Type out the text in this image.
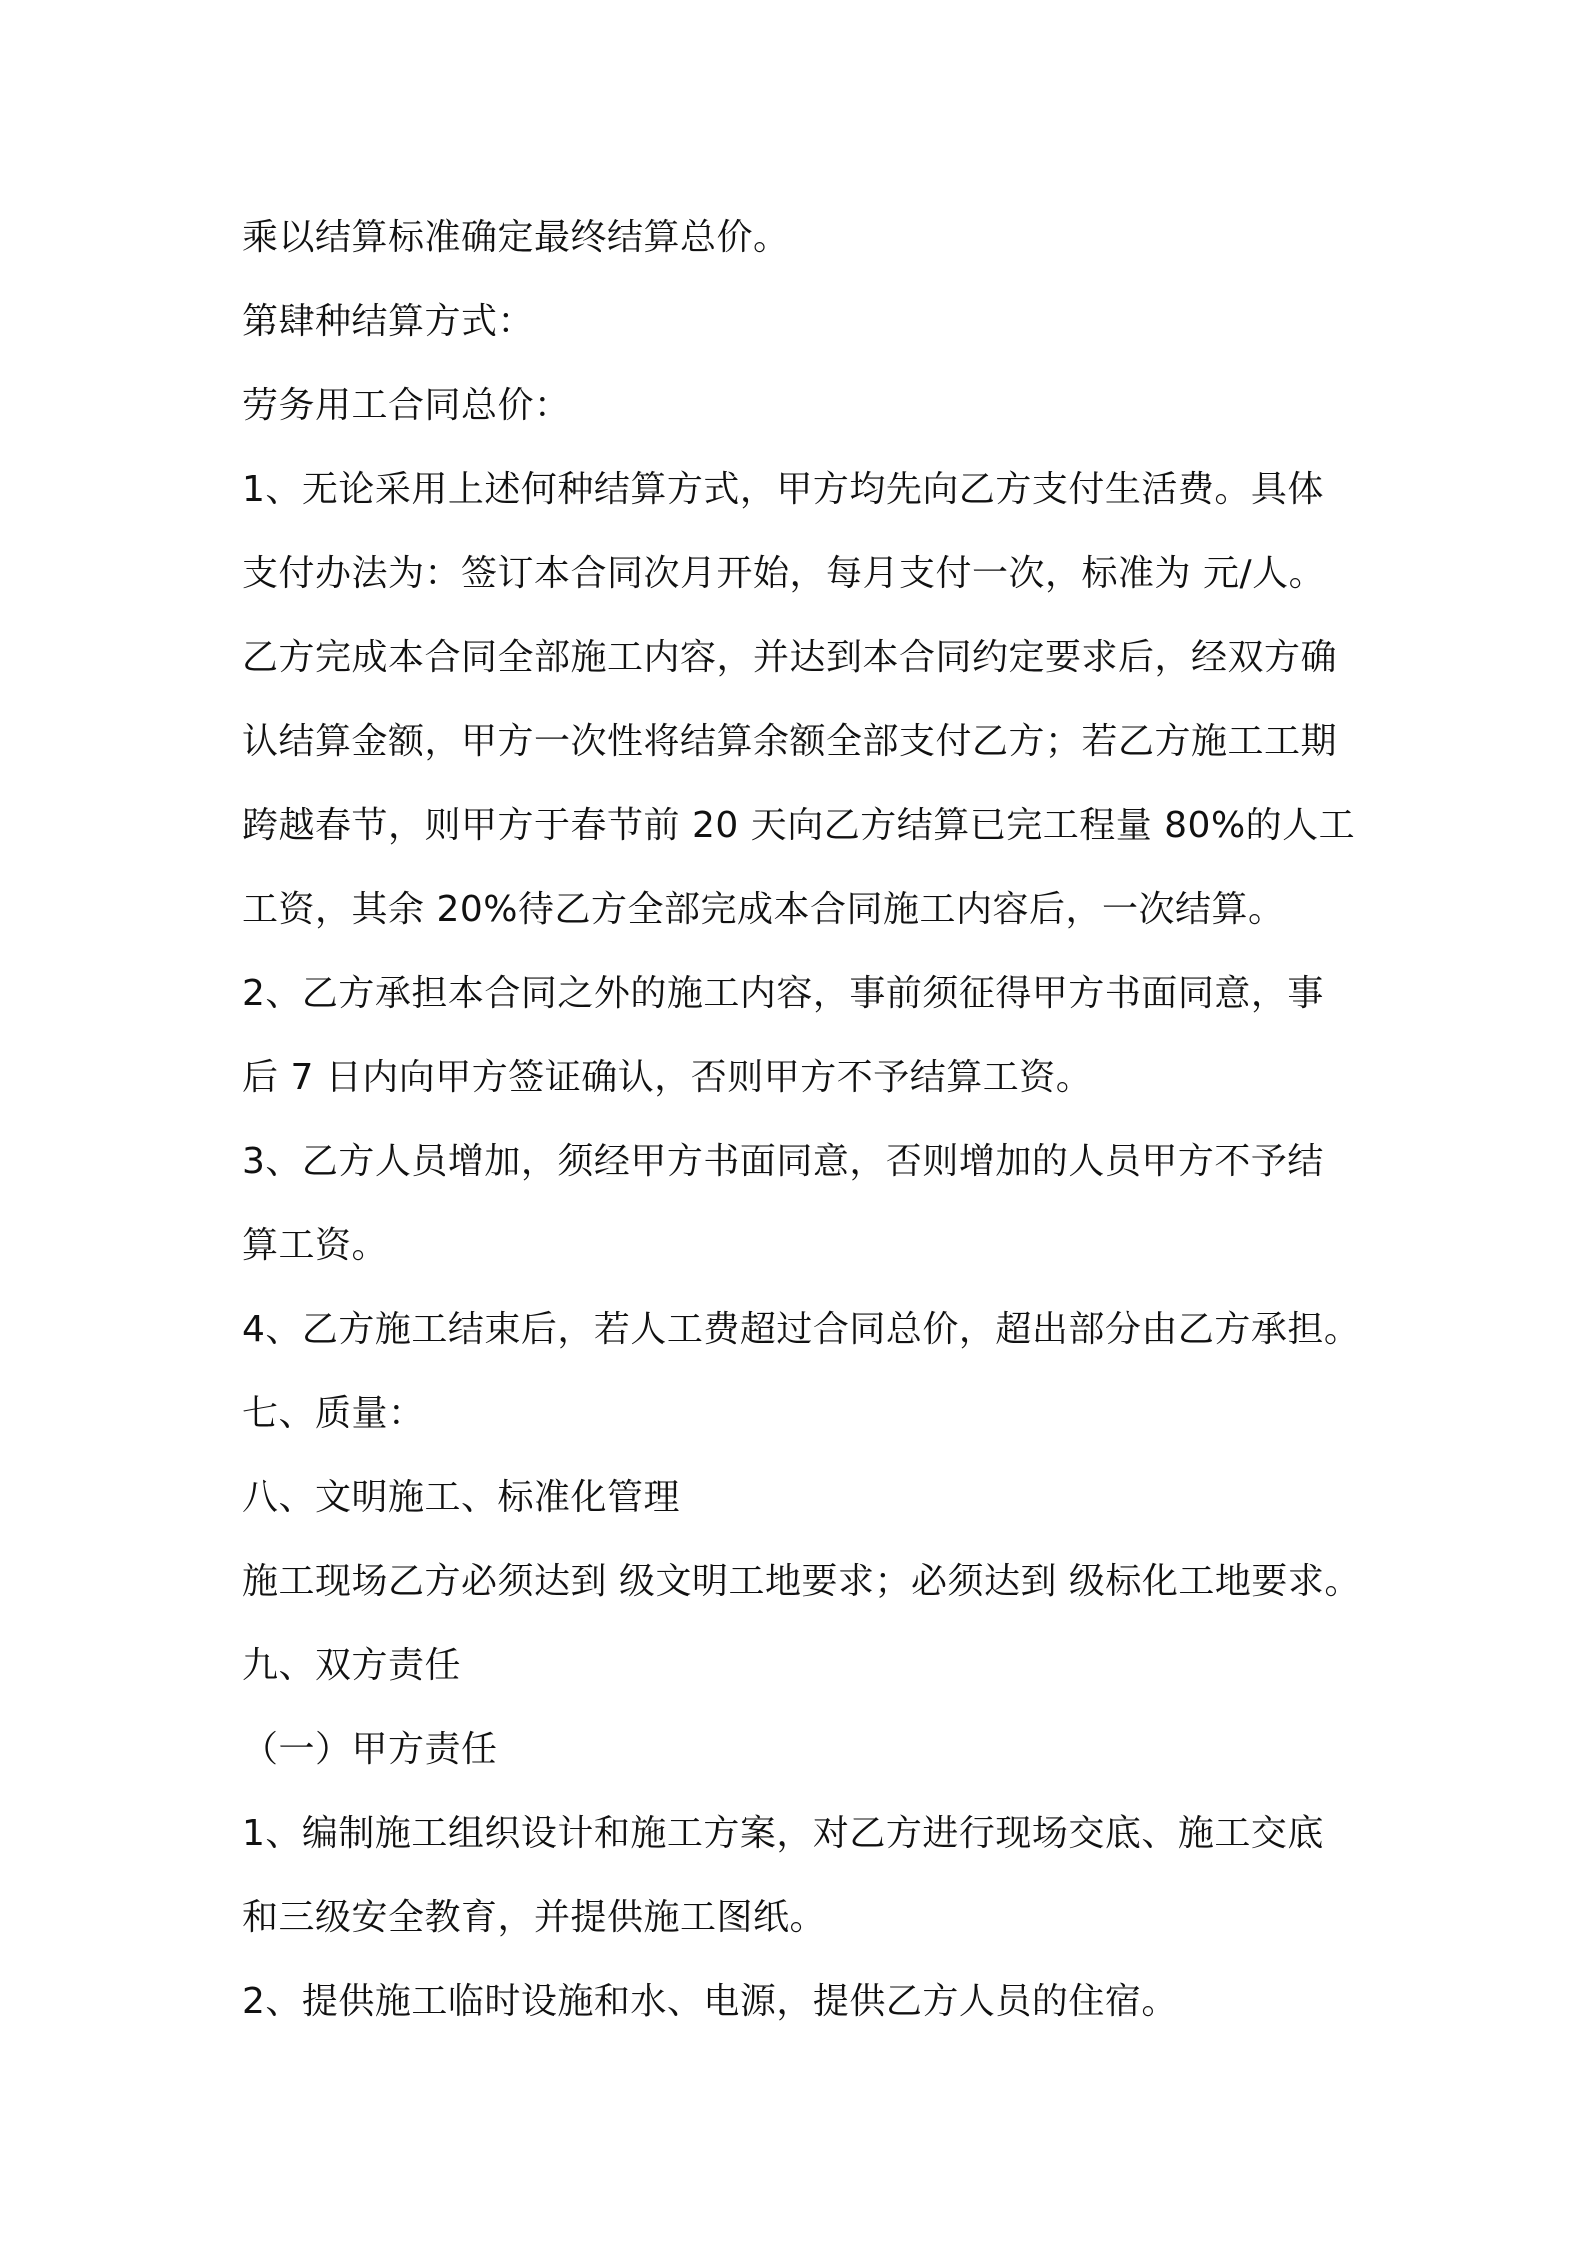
乘以结算标准确定最终结算总价。
第肆种结算方式：
劳务用工合同总价：
1、无论采用上述何种结算方式，甲方均先向乙方支付生活费。具体
支付办法为：签订本合同次月开始，每月支付一次，标准为 元/人。
乙方完成本合同全部施工内容，并达到本合同约定要求后，经双方确
认结算金额，甲方一次性将结算余额全部支付乙方；若乙方施工工期
跨越春节，则甲方于春节前 20 天向乙方结算已完工程量 80%的人工
工资，其余 20%待乙方全部完成本合同施工内容后，一次结算。
2、乙方承担本合同之外的施工内容，事前须征得甲方书面同意，事
后 7 日内向甲方签证确认，否则甲方不予结算工资。
3、乙方人员增加，须经甲方书面同意，否则增加的人员甲方不予结
算工资。
4、乙方施工结束后，若人工费超过合同总价，超出部分由乙方承担。
七、质量：
八、文明施工、标准化管理
施工现场乙方必须达到 级文明工地要求；必须达到 级标化工地要求。
九、双方责任
（一）甲方责任
1、编制施工组织设计和施工方案，对乙方进行现场交底、施工交底
和三级安全教育，并提供施工图纸。
2、提供施工临时设施和水、电源，提供乙方人员的住宿。
